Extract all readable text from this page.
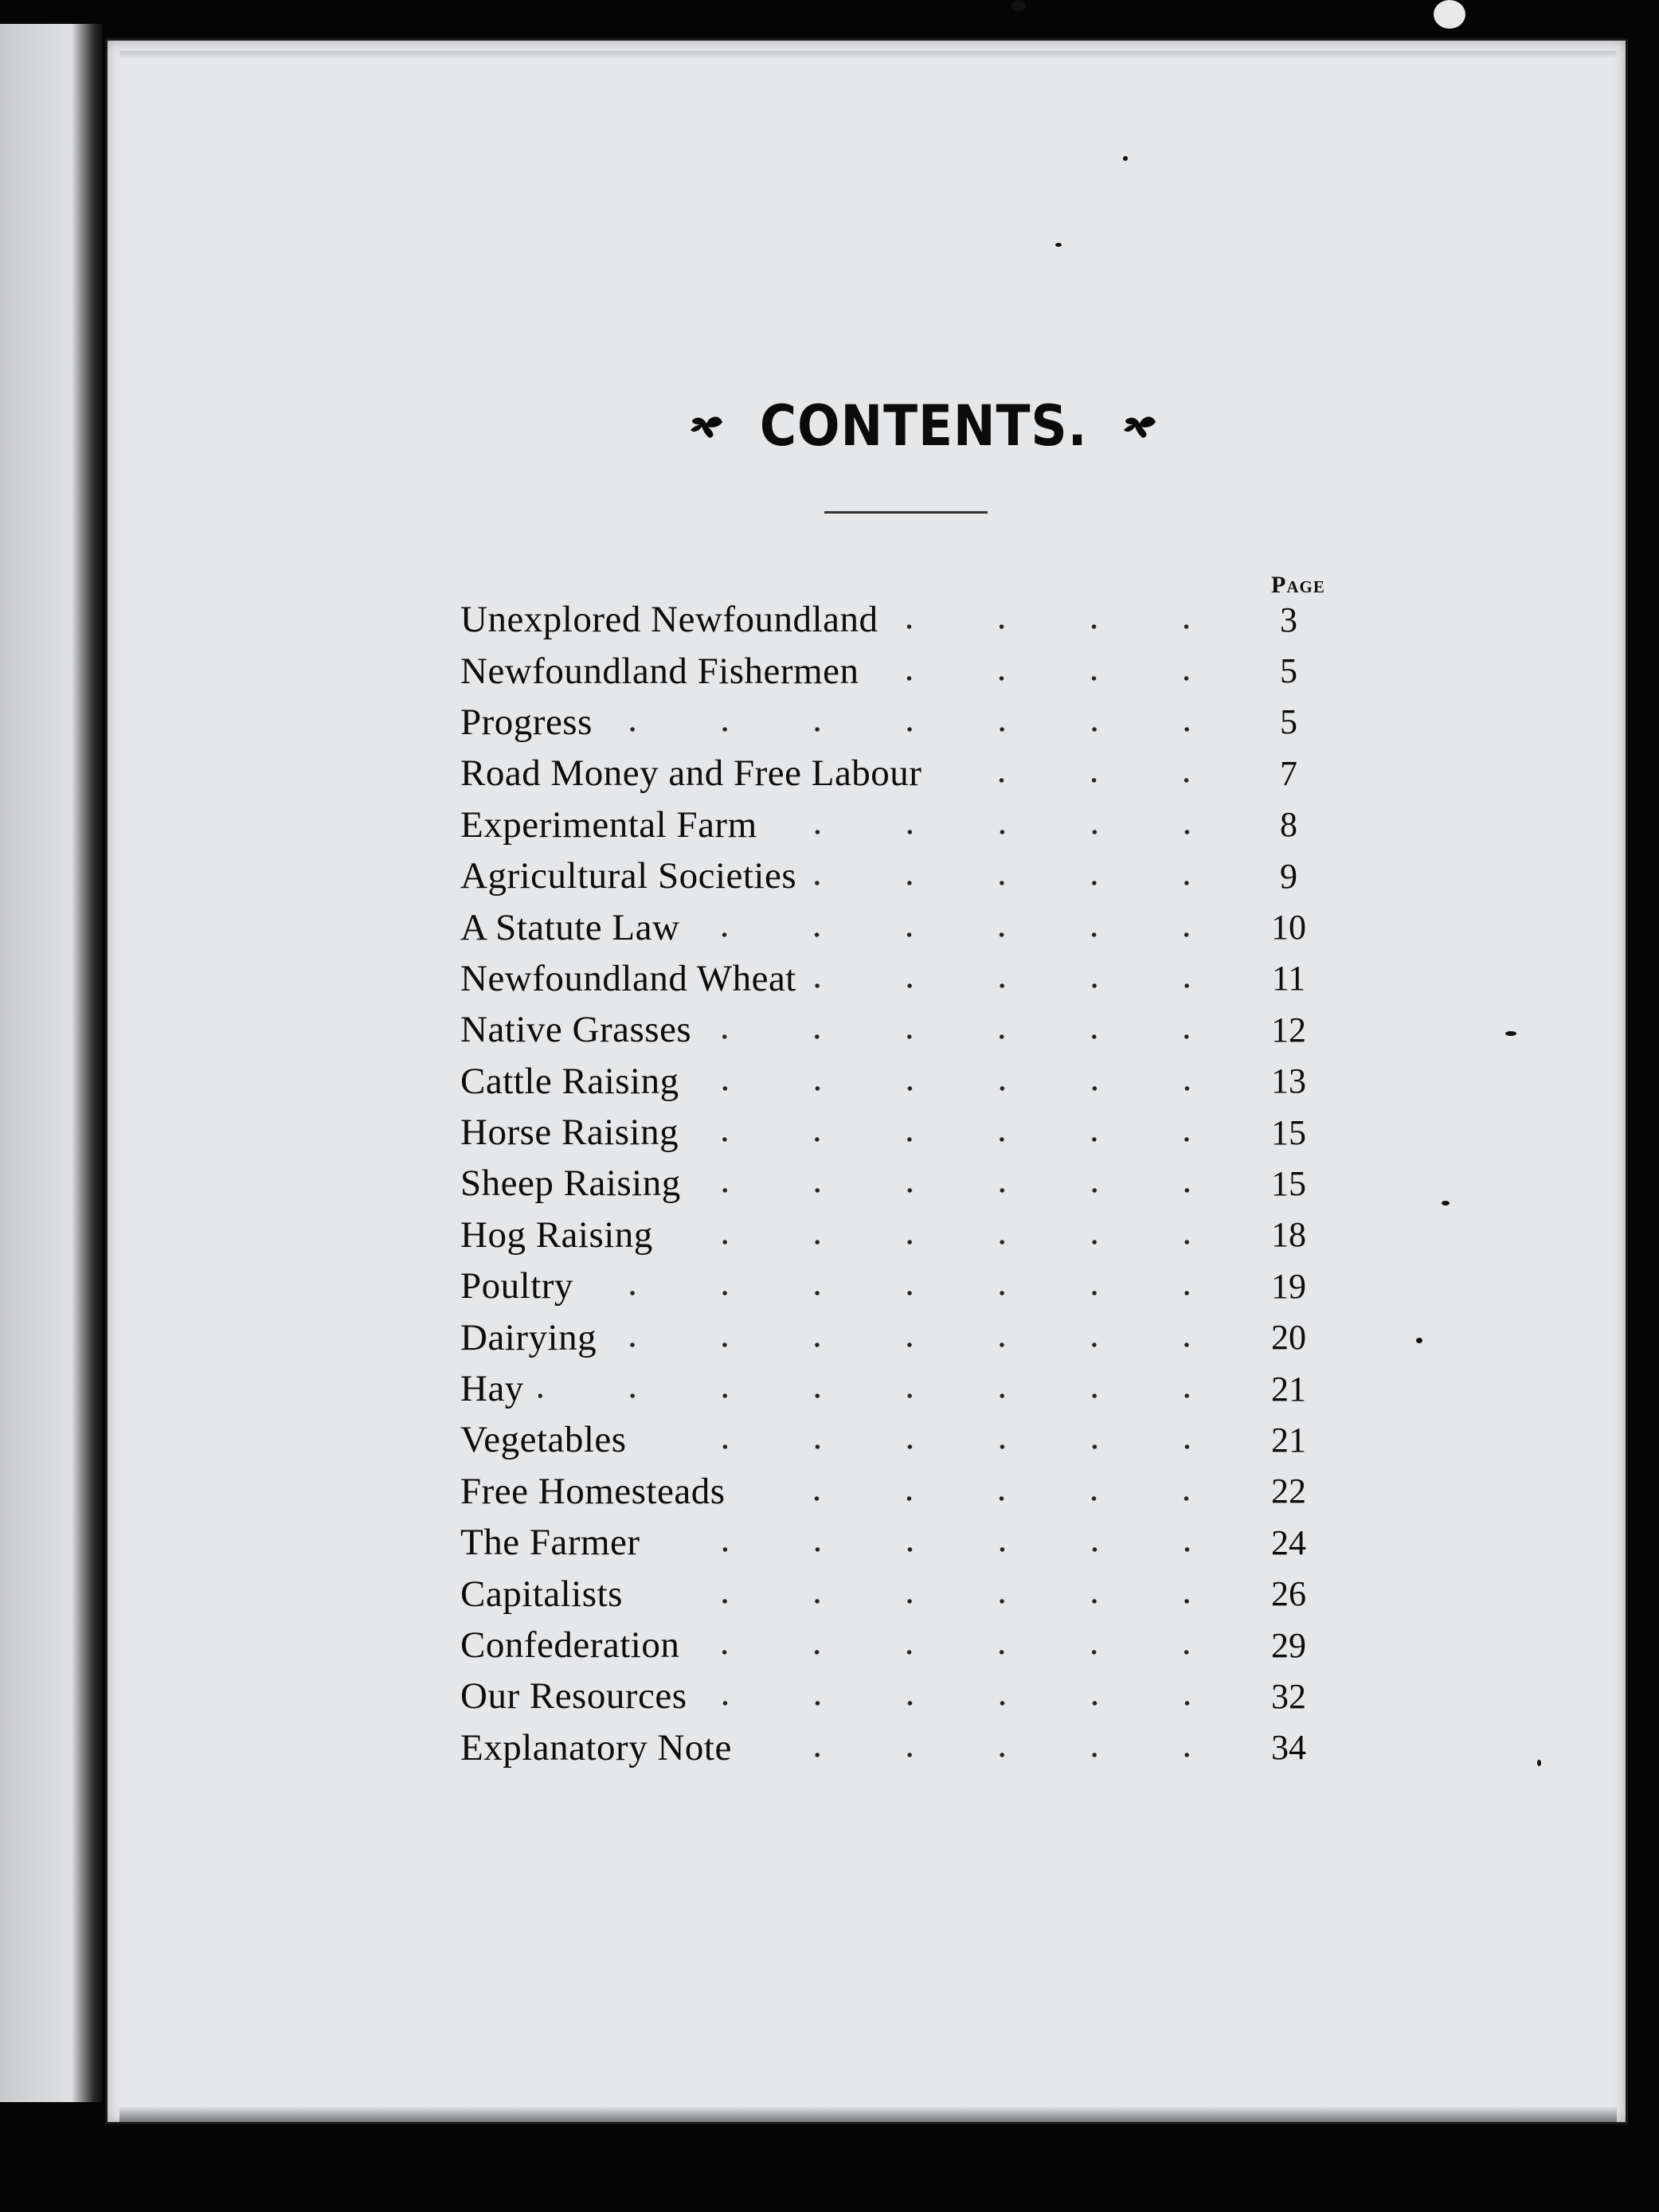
CONTENTS.
Page
Unexplored Newfoundland	3
Newfoundland Fishermen	5
Progress	5
Road Money and Free Labour	7
Experimental Farm	8
Agricultural Societies	9
A Statute Law	10
Newfoundland Wheat	11
Native Grasses	12
Cattle Raising	13
Horse Raising	15
Sheep Raising	15
Hog Raising	18
Poultry	19
Dairying	20
Hay	21
Vegetables	21
Free Homesteads	22
The Farmer	24
Capitalists	26
Confederation	29
Our Resources	32
Explanatory Note	34
